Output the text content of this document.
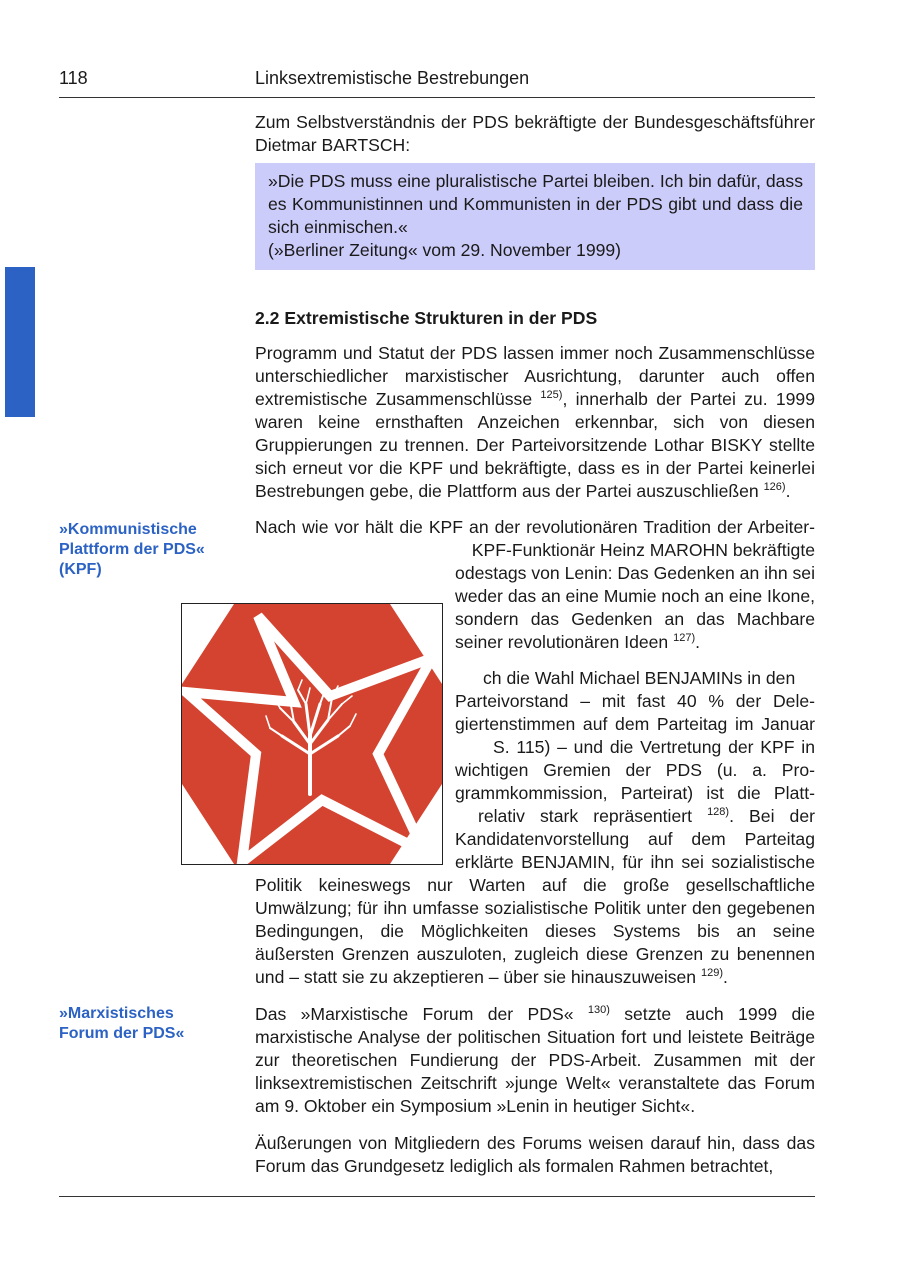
118	Linksextremistische Bestrebungen

Zum Selbstverständnis der PDS bekräftigte der Bundesgeschäftsführer Dietmar BARTSCH:

»Die PDS muss eine pluralistische Partei bleiben. Ich bin dafür, dass es Kommunistinnen und Kommunisten in der PDS gibt und dass die sich einmischen.«
(»Berliner Zeitung« vom 29. November 1999)
2.2 Extremistische Strukturen in der PDS

Programm und Statut der PDS lassen immer noch Zusammenschlüsse unterschiedlicher marxistischer Ausrichtung, darunter auch offen extremistische Zusammenschlüsse $^{125)}$, innerhalb der Partei zu. 1999 waren keine ernsthaften Anzeichen erkennbar, sich von diesen Gruppierungen zu trennen. Der Parteivorsitzende Lothar BISKY stellte sich erneut vor die KPF und bekräftigte, dass es in der Partei keinerlei Bestrebungen gebe, die Plattform aus der Partei auszuschließen $^{126)}$.

»Kommunistische
Plattform der PDS«
(KPF)
Nach wie vor hält die KPF an der revolutionären Tradition der Arbeiter-
KPF-Funktionär Heinz MAROHN bekräftigte
odestags von Lenin: Das Gedenken an ihn sei
weder das an eine Mumie noch an eine Ikone, sondern das Gedenken an das Machbare seiner revolutionären Ideen $^{127)}$.
ch die Wahl Michael BENJAMINs in den
Parteivorstand – mit fast 40 % der Dele-
giertenstimmen auf dem Parteitag im Januar
S. 115) – und die Vertretung der KPF in
wichtigen Gremien der PDS (u. a. Pro-
grammkommission, Parteirat) ist die Platt-
relativ stark repräsentiert $^{128)}$. Bei der
Kandidatenvorstellung auf dem Parteitag
erklärte BENJAMIN, für ihn sei sozialistische
Politik keineswegs nur Warten auf die große gesellschaftliche Umwälzung; für ihn umfasse sozialistische Politik unter den gegebenen Bedingungen, die Möglichkeiten dieses Systems bis an seine äußersten Grenzen auszuloten, zugleich diese Grenzen zu benennen und – statt sie zu akzeptieren – über sie hinauszuweisen $^{129)}$.
»Marxistisches
Forum der PDS«

Das »Marxistische Forum der PDS« $^{130)}$ setzte auch 1999 die marxistische Analyse der politischen Situation fort und leistete Beiträge zur theoretischen Fundierung der PDS-Arbeit. Zusammen mit der linksextremistischen Zeitschrift »junge Welt« veranstaltete das Forum am 9. Oktober ein Symposium »Lenin in heutiger Sicht«.

Äußerungen von Mitgliedern des Forums weisen darauf hin, dass das Forum das Grundgesetz lediglich als formalen Rahmen betrachtet,
